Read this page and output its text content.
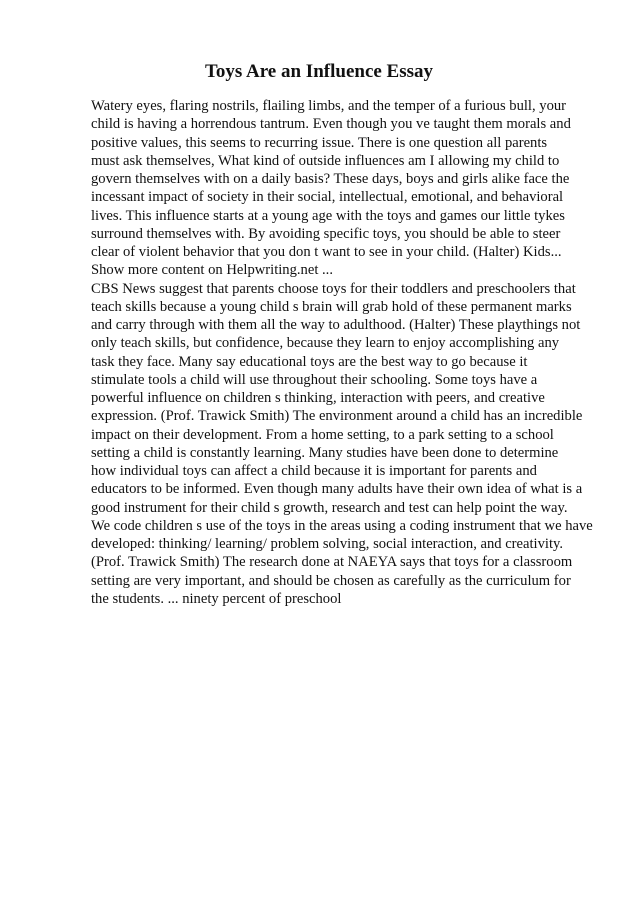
Toys Are an Influence Essay
Watery eyes, flaring nostrils, flailing limbs, and the temper of a furious bull, your
child is having a horrendous tantrum. Even though you ve taught them morals and
positive values, this seems to recurring issue. There is one question all parents
must ask themselves, What kind of outside influences am I allowing my child to
govern themselves with on a daily basis? These days, boys and girls alike face the
incessant impact of society in their social, intellectual, emotional, and behavioral
lives. This influence starts at a young age with the toys and games our little tykes
surround themselves with. By avoiding specific toys, you should be able to steer
clear of violent behavior that you don t want to see in your child. (Halter) Kids...
Show more content on Helpwriting.net ...
CBS News suggest that parents choose toys for their toddlers and preschoolers that
teach skills because a young child s brain will grab hold of these permanent marks
and carry through with them all the way to adulthood. (Halter) These playthings not
only teach skills, but confidence, because they learn to enjoy accomplishing any
task they face. Many say educational toys are the best way to go because it
stimulate tools a child will use throughout their schooling. Some toys have a
powerful influence on children s thinking, interaction with peers, and creative
expression. (Prof. Trawick Smith) The environment around a child has an incredible
impact on their development. From a home setting, to a park setting to a school
setting a child is constantly learning. Many studies have been done to determine
how individual toys can affect a child because it is important for parents and
educators to be informed. Even though many adults have their own idea of what is a
good instrument for their child s growth, research and test can help point the way.
We code children s use of the toys in the areas using a coding instrument that we have
developed: thinking/ learning/ problem solving, social interaction, and creativity.
(Prof. Trawick Smith) The research done at NAEYA says that toys for a classroom
setting are very important, and should be chosen as carefully as the curriculum for
the students. ... ninety percent of preschool
